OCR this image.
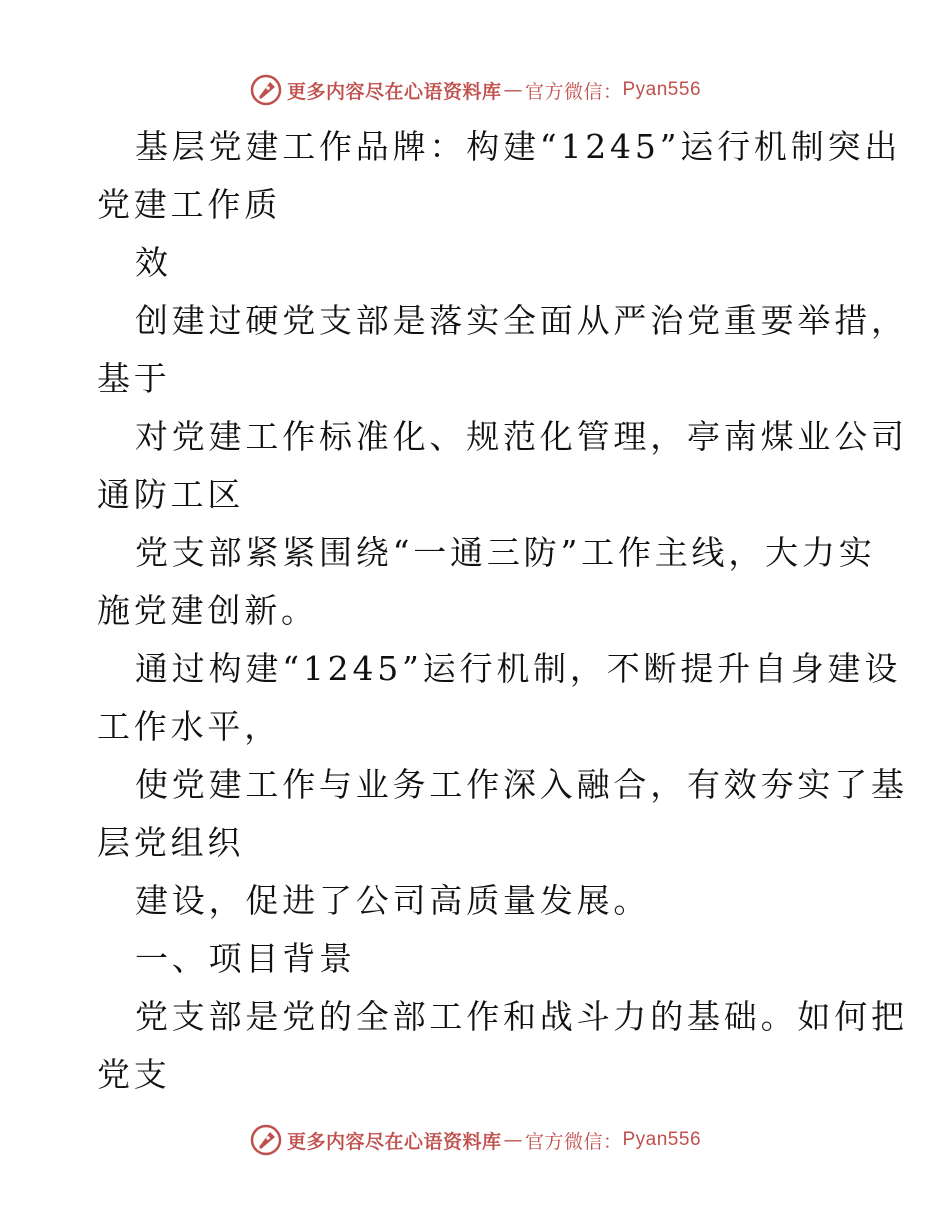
更多内容尽在心语资料库 — 官方微信： Pyan556
基层党建工作品牌：构建“1245”运行机制突出
党建工作质
效
创建过硬党支部是落实全面从严治党重要举措，
基于
对党建工作标准化、规范化管理，亭南煤业公司
通防工区
党支部紧紧围绕“一通三防”工作主线，大力实
施党建创新。
通过构建“1245”运行机制，不断提升自身建设
工作水平，
使党建工作与业务工作深入融合，有效夯实了基
层党组织
建设，促进了公司高质量发展。
一、项目背景
党支部是党的全部工作和战斗力的基础。如何把
党支
更多内容尽在心语资料库 — 官方微信： Pyan556
